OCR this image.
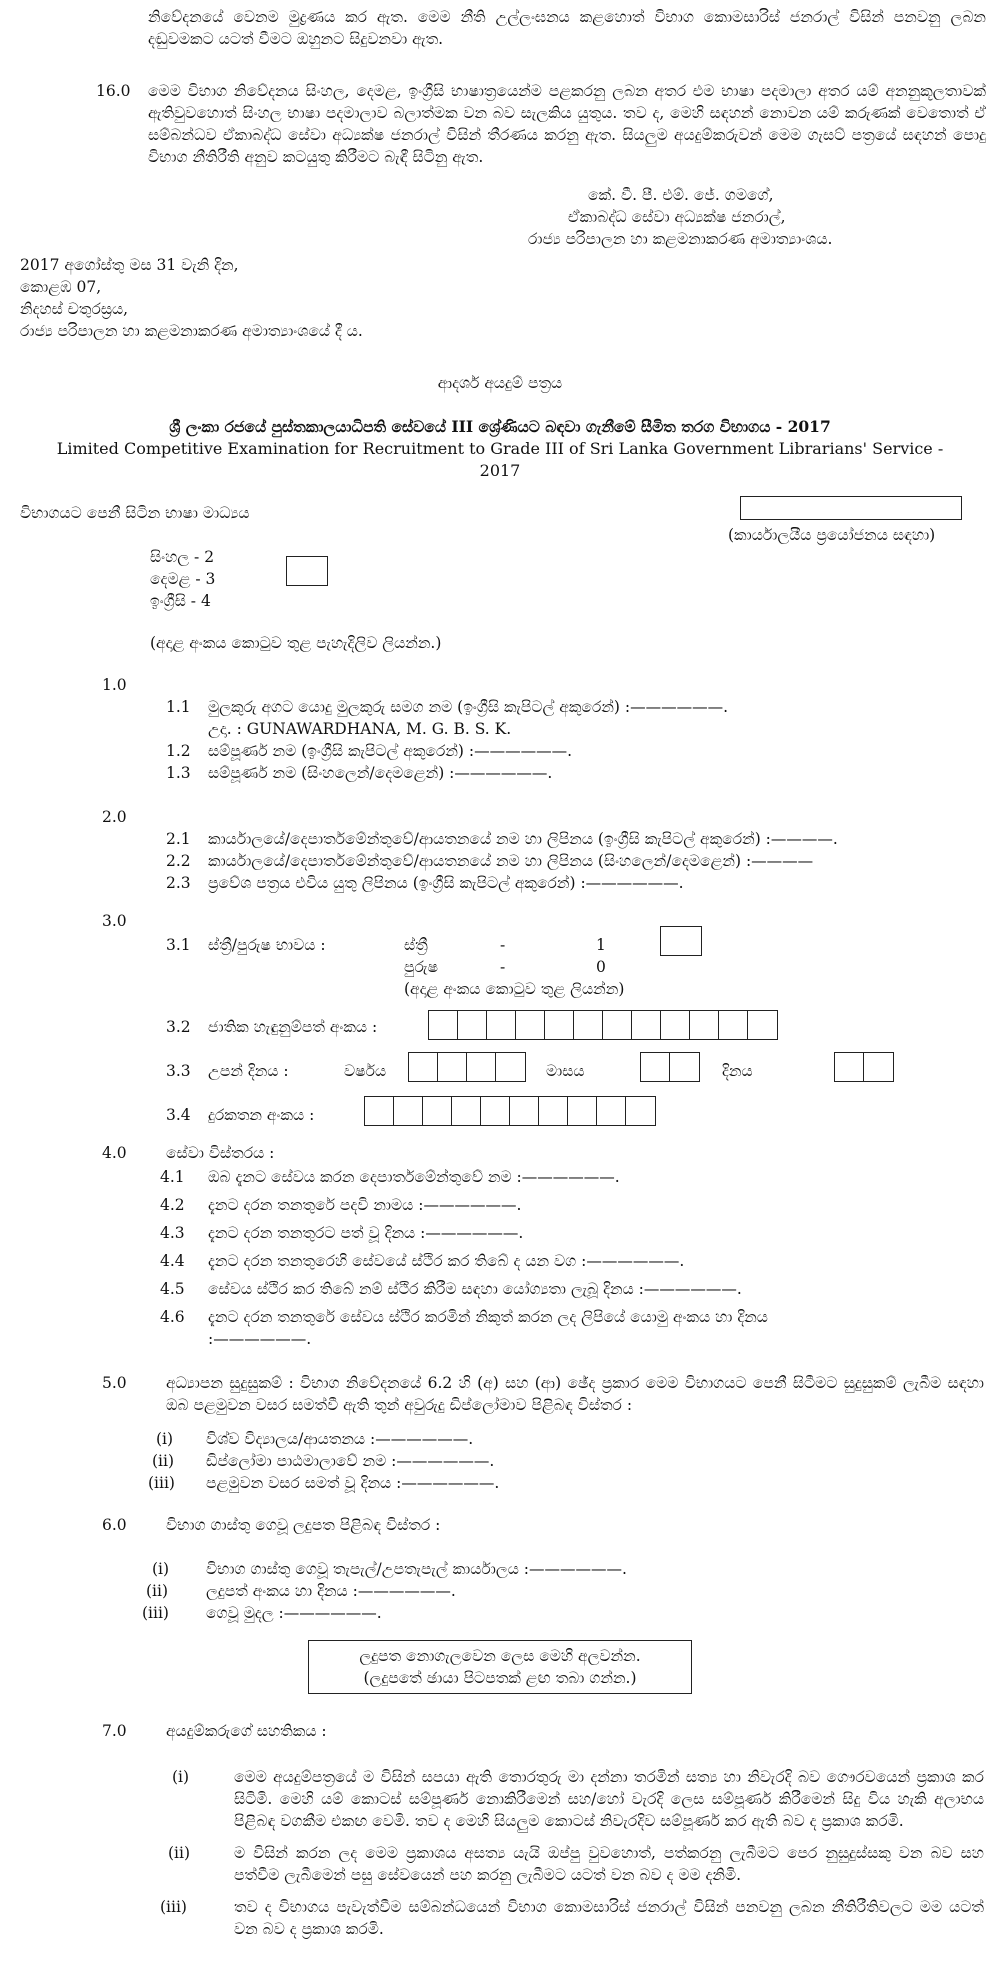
නිවේදනයේ වෙනම මුද්‍රණය කර ඇත. මෙම නීති උල්ලංඝනය කළහොත් විභාග කොමසාරිස් ජනරාල් විසින් පනවනු ලබන දඬුවමකට යටත් වීමට ඔහුනට සිදුවනවා ඇත.
16.0 මෙම විභාග නිවේදනය සිංහල, දෙමළ, ඉංග්‍රීසි භාෂාත්‍රයෙන්ම පළකරනු ලබන අතර එම භාෂා පදමාලා අතර යම් අනනුකූලතාවක් ඇතිවුවහොත් සිංහල භාෂා පදමාලාව බලාත්මක වන බව සැලකිය යුතුය. තව ද, මෙහි සඳහන් නොවන යම් කරුණක් වෙතොත් ඒ සම්බන්ධව ඒකාබද්ධ සේවා අධ්‍යක්ෂ ජනරාල් විසින් තීරණය කරනු ඇත. සියලුම අයදුම්කරුවන් මෙම ගැසට් පත්‍රයේ සඳහන් පොදු විභාග නීතිරීති අනුව කටයුතු කිරීමට බැඳී සිටිනු ඇත.
කේ. වී. පී. එම්. ජේ. ගමගේ,
ඒකාබද්ධ සේවා අධ්‍යක්ෂ ජනරාල්,
රාජ්‍ය පරිපාලන හා කළමනාකරණ අමාත්‍යාංශය.
2017 අගෝස්තු මස 31 වැනි දින,
කොළඹ 07,
නිදහස් චතුරස්‍රය,
රාජ්‍ය පරිපාලන හා කළමනාකරණ අමාත්‍යාංශයේ දී ය.
ආදර්ශ අයදුම් පත්‍රය
ශ්‍රී ලංකා රජයේ පුස්තකාලයාධිපති සේවයේ III ශ්‍රේණියට බඳවා ගැනීමේ සීමිත තරග විභාගය - 2017
Limited Competitive Examination for Recruitment to Grade III of Sri Lanka Government Librarians' Service -
2017
විභාගයට පෙනී සිටින භාෂා මාධ්‍යය
(කාර්යාලයීය ප්‍රයෝජනය සඳහා)
සිංහල - 2
දෙමළ - 3
ඉංග්‍රීසි - 4
(අදාළ අංකය කොටුව තුළ පැහැදිලිව ලියන්න.)
1.0
1.1 මුලකුරු අගට යොදු මුලකුරු සමග නම (ඉංග්‍රීසි කැපිටල් අකුරෙන්) :——————.
උදා. : GUNAWARDHANA, M. G. B. S. K.
1.2 සම්පූර්ණ නම (ඉංග්‍රීසි කැපිටල් අකුරෙන්) :——————.
1.3 සම්පූර්ණ නම (සිංහලෙන්/දෙමළෙන්) :——————.
2.0
2.1 කාර්යාලයේ/දෙපාර්තමේන්තුවේ/ආයතනයේ නම හා ලිපිනය (ඉංග්‍රීසි කැපිටල් අකුරෙන්) :————.
2.2 කාර්යාලයේ/දෙපාර්තමේන්තුවේ/ආයතනයේ නම හා ලිපිනය (සිංහලෙන්/දෙමළෙන්) :————
2.3 ප්‍රවේශ පත්‍රය එවිය යුතු ලිපිනය (ඉංග්‍රීසි කැපිටල් අකුරෙන්) :——————.
3.0
3.1 ස්ත්‍රී/පුරුෂ භාවය :	ස්ත්‍රී	-	1
පුරුෂ	-	0
(අදාළ අංකය කොටුව තුළ ලියන්න)
3.2 ජාතික හැඳුනුම්පත් අංකය :
3.3 උපන් දිනය :	වර්ෂය	මාසය	දිනය
3.4 දුරකතන අංකය :
4.0	සේවා විස්තරය :
4.1 ඔබ දැනට සේවය කරන දෙපාර්තමේන්තුවේ නම :——————.
4.2 දැනට දරන තනතුරේ පදවි නාමය :——————.
4.3 දැනට දරන තනතුරට පත් වූ දිනය :——————.
4.4 දැනට දරන තනතුරෙහි සේවයේ ස්ථිර කර තිබේ ද යන වග :——————.
4.5 සේවය ස්ථිර කර තිබේ නම් ස්ථිර කිරීම සඳහා යෝග්‍යතා ලැබූ දිනය :——————.
4.6 දැනට දරන තනතුරේ සේවය ස්ථිර කරමින් නිකුත් කරන ලද ලිපියේ යොමු අංකය හා දිනය
:——————.
5.0	අධ්‍යාපන සුදුසුකම් : විභාග නිවේදනයේ 6.2 හි (අ) සහ (ආ) ඡේද ප්‍රකාර මෙම විභාගයට පෙනී සිටීමට සුදුසුකම් ලැබීම සඳහා ඔබ පළමුවන වසර සමත්වී ඇති තුන් අවුරුදු ඩිප්ලෝමාව පිළිබඳ විස්තර :
(i) විශ්ව විද්‍යාලය/ආයතනය :——————.
(ii) ඩිප්ලෝමා පාඨමාලාවේ නම :——————.
(iii) පළමුවන වසර සමත් වූ දිනය :——————.
6.0	විභාග ගාස්තු ගෙවූ ලදුපත පිළිබඳ විස්තර :
(i) විභාග ගාස්තු ගෙවූ තැපැල්/උපතැපැල් කාර්යාලය :——————.
(ii) ලදුපත් අංකය හා දිනය :——————.
(iii) ගෙවූ මුදල :——————.
ලදුපත නොගැලවෙන ලෙස මෙහි අලවන්න.
(ලදුපතේ ඡායා පිටපතක් ළඟ තබා ගන්න.)
7.0	අයදුම්කරුගේ සහතිකය :
(i)	මෙම අයදුම්පත්‍රයේ ම විසින් සපයා ඇති තොරතුරු මා දන්නා තරමින් සත්‍ය හා නිවැරදි බව ගෞරවයෙන් ප්‍රකාශ කර සිටිමි. මෙහි යම් කොටස් සම්පූර්ණ නොකිරීමෙන් සහ/හෝ වැරදි ලෙස සම්පූර්ණ කිරීමෙන් සිදු විය හැකි අලාභය පිළිබඳ වගකීම එකඟ වෙමි. තව ද මෙහි සියලුම කොටස් නිවැරදිව සම්පූර්ණ කර ඇති බව ද ප්‍රකාශ කරමි.
(ii)	ම විසින් කරන ලද මෙම ප්‍රකාශය අසත්‍ය යැයි ඔප්පු වුවහොත්, පත්කරනු ලැබීමට පෙර නුසුදුස්සකු වන බව සහ පත්වීම ලැබීමෙන් පසු සේවයෙන් පහ කරනු ලැබීමට යටත් වන බව ද මම දනිමි.
(iii)	තව ද විභාගය පැවැත්වීම සම්බන්ධයෙන් විභාග කොමසාරිස් ජනරාල් විසින් පනවනු ලබන නීතිරීතිවලට මම යටත් වන බව ද ප්‍රකාශ කරමි.
